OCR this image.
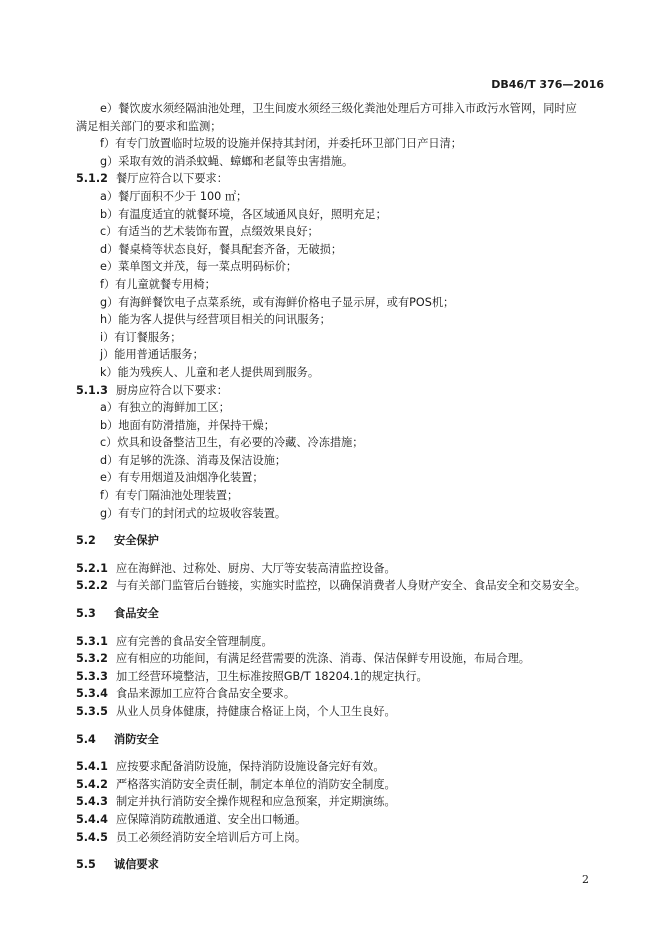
DB46/T 376—2016
e）餐饮废水须经隔油池处理，卫生间废水须经三级化粪池处理后方可排入市政污水管网，同时应
满足相关部门的要求和监测；
f）有专门放置临时垃圾的设施并保持其封闭，并委托环卫部门日产日清；
g）采取有效的消杀蚊蝇、蟑螂和老鼠等虫害措施。
5.1.2 餐厅应符合以下要求：
a）餐厅面积不少于 100 ㎡；
b）有温度适宜的就餐环境，各区域通风良好，照明充足；
c）有适当的艺术装饰布置，点缀效果良好；
d）餐桌椅等状态良好，餐具配套齐备，无破损；
e）菜单图文并茂，每一菜点明码标价；
f）有儿童就餐专用椅；
g）有海鲜餐饮电子点菜系统，或有海鲜价格电子显示屏，或有POS机；
h）能为客人提供与经营项目相关的问讯服务；
i）有订餐服务；
j）能用普通话服务；
k）能为残疾人、儿童和老人提供周到服务。
5.1.3 厨房应符合以下要求：
a）有独立的海鲜加工区；
b）地面有防滑措施，并保持干燥；
c）炊具和设备整洁卫生，有必要的冷藏、冷冻措施；
d）有足够的洗涤、消毒及保洁设施；
e）有专用烟道及油烟净化装置；
f）有专门隔油池处理装置；
g）有专门的封闭式的垃圾收容装置。
5.2 安全保护
5.2.1 应在海鲜池、过称处、厨房、大厅等安装高清监控设备。
5.2.2 与有关部门监管后台链接，实施实时监控，以确保消费者人身财产安全、食品安全和交易安全。
5.3 食品安全
5.3.1 应有完善的食品安全管理制度。
5.3.2 应有相应的功能间，有满足经营需要的洗涤、消毒、保洁保鲜专用设施，布局合理。
5.3.3 加工经营环境整洁，卫生标准按照GB/T 18204.1的规定执行。
5.3.4 食品来源加工应符合食品安全要求。
5.3.5 从业人员身体健康，持健康合格证上岗，个人卫生良好。
5.4 消防安全
5.4.1 应按要求配备消防设施，保持消防设施设备完好有效。
5.4.2 严格落实消防安全责任制，制定本单位的消防安全制度。
5.4.3 制定并执行消防安全操作规程和应急预案，并定期演练。
5.4.4 应保障消防疏散通道、安全出口畅通。
5.4.5 员工必须经消防安全培训后方可上岗。
5.5 诚信要求
2
